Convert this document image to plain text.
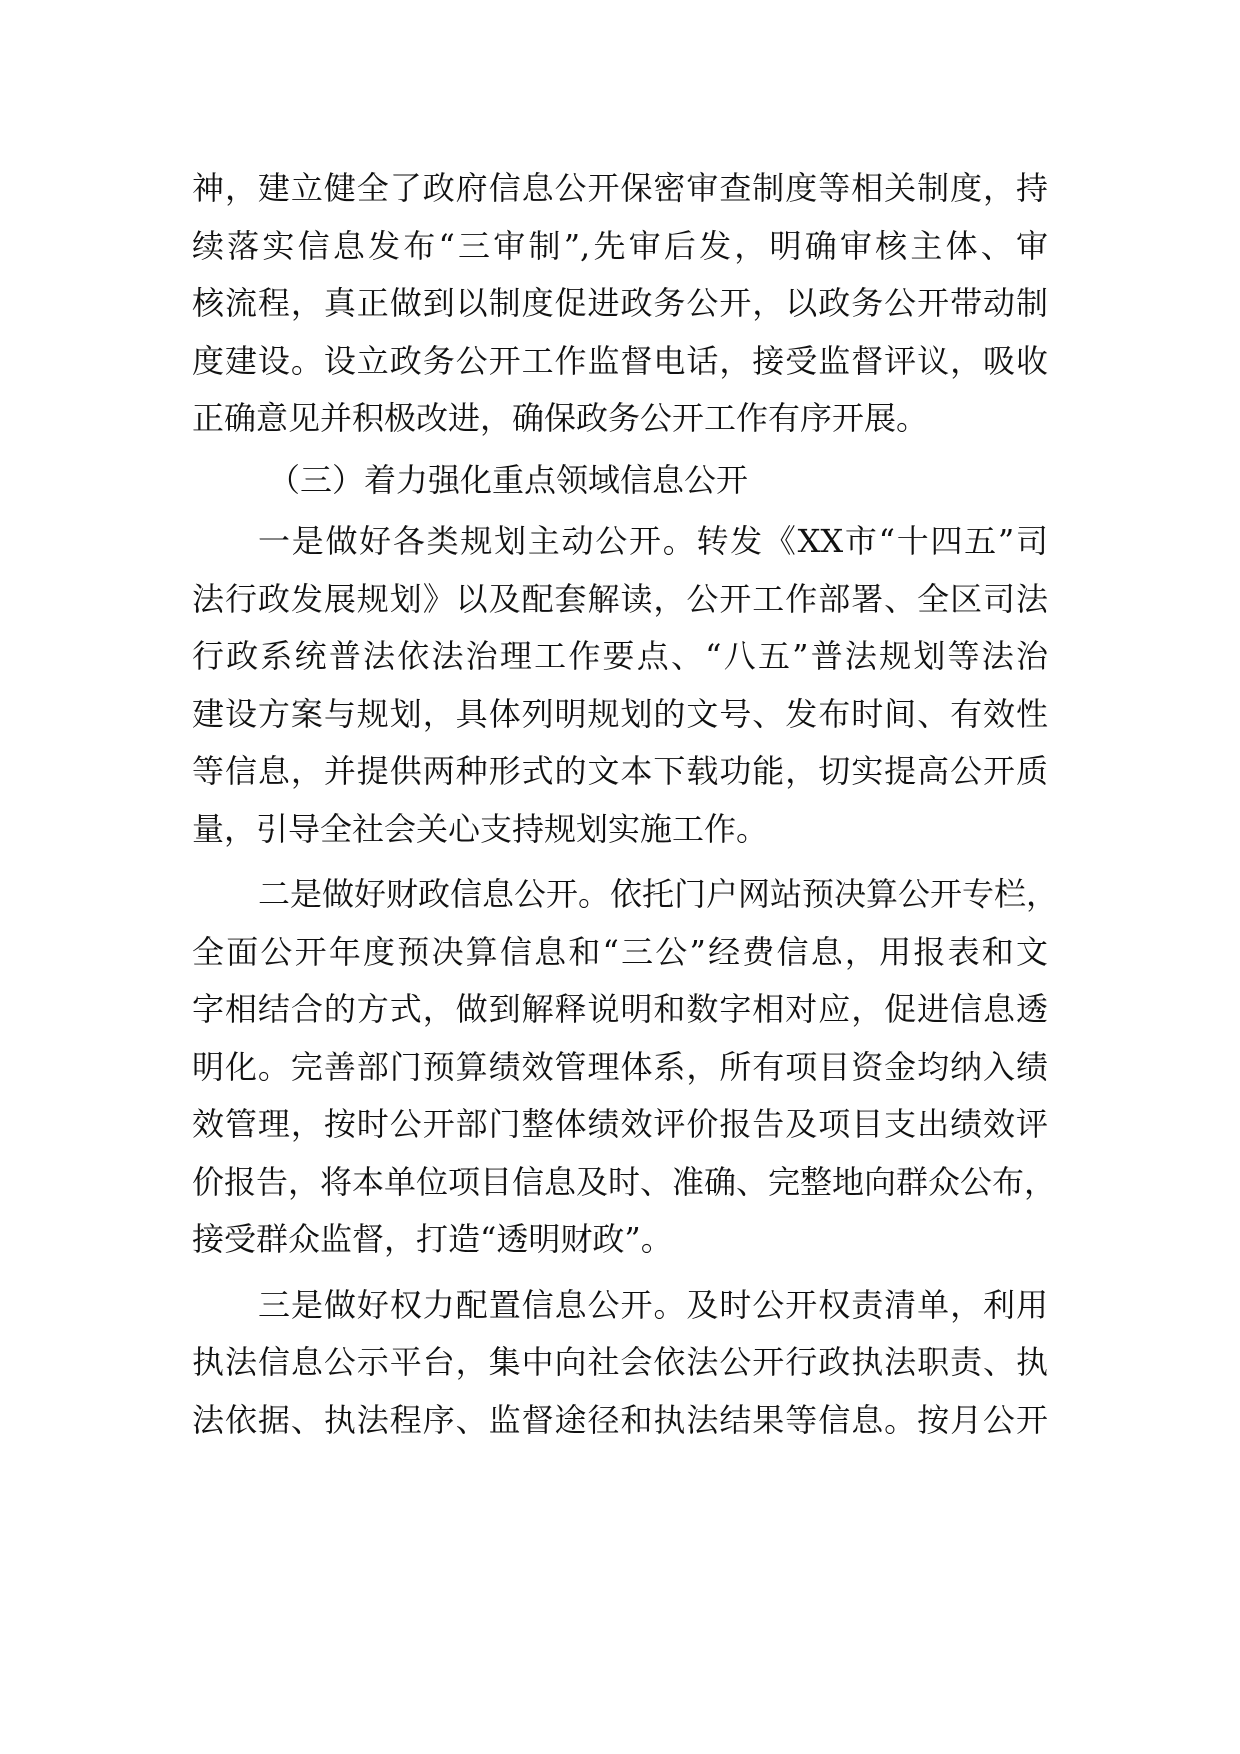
神，建立健全了政府信息公开保密审查制度等相关制度，持
续落实信息发布“三审制”,先审后发，明确审核主体、审
核流程，真正做到以制度促进政务公开，以政务公开带动制
度建设。设立政务公开工作监督电话，接受监督评议，吸收
正确意见并积极改进，确保政务公开工作有序开展。
（三）着力强化重点领域信息公开
一是做好各类规划主动公开。转发《XX市“十四五”司
法行政发展规划》以及配套解读，公开工作部署、全区司法
行政系统普法依法治理工作要点、“八五”普法规划等法治
建设方案与规划，具体列明规划的文号、发布时间、有效性
等信息，并提供两种形式的文本下载功能，切实提高公开质
量，引导全社会关心支持规划实施工作。
二是做好财政信息公开。依托门户网站预决算公开专栏，
全面公开年度预决算信息和“三公”经费信息，用报表和文
字相结合的方式，做到解释说明和数字相对应，促进信息透
明化。完善部门预算绩效管理体系，所有项目资金均纳入绩
效管理，按时公开部门整体绩效评价报告及项目支出绩效评
价报告，将本单位项目信息及时、准确、完整地向群众公布，
接受群众监督，打造“透明财政”。
三是做好权力配置信息公开。及时公开权责清单，利用
执法信息公示平台，集中向社会依法公开行政执法职责、执
法依据、执法程序、监督途径和执法结果等信息。按月公开
